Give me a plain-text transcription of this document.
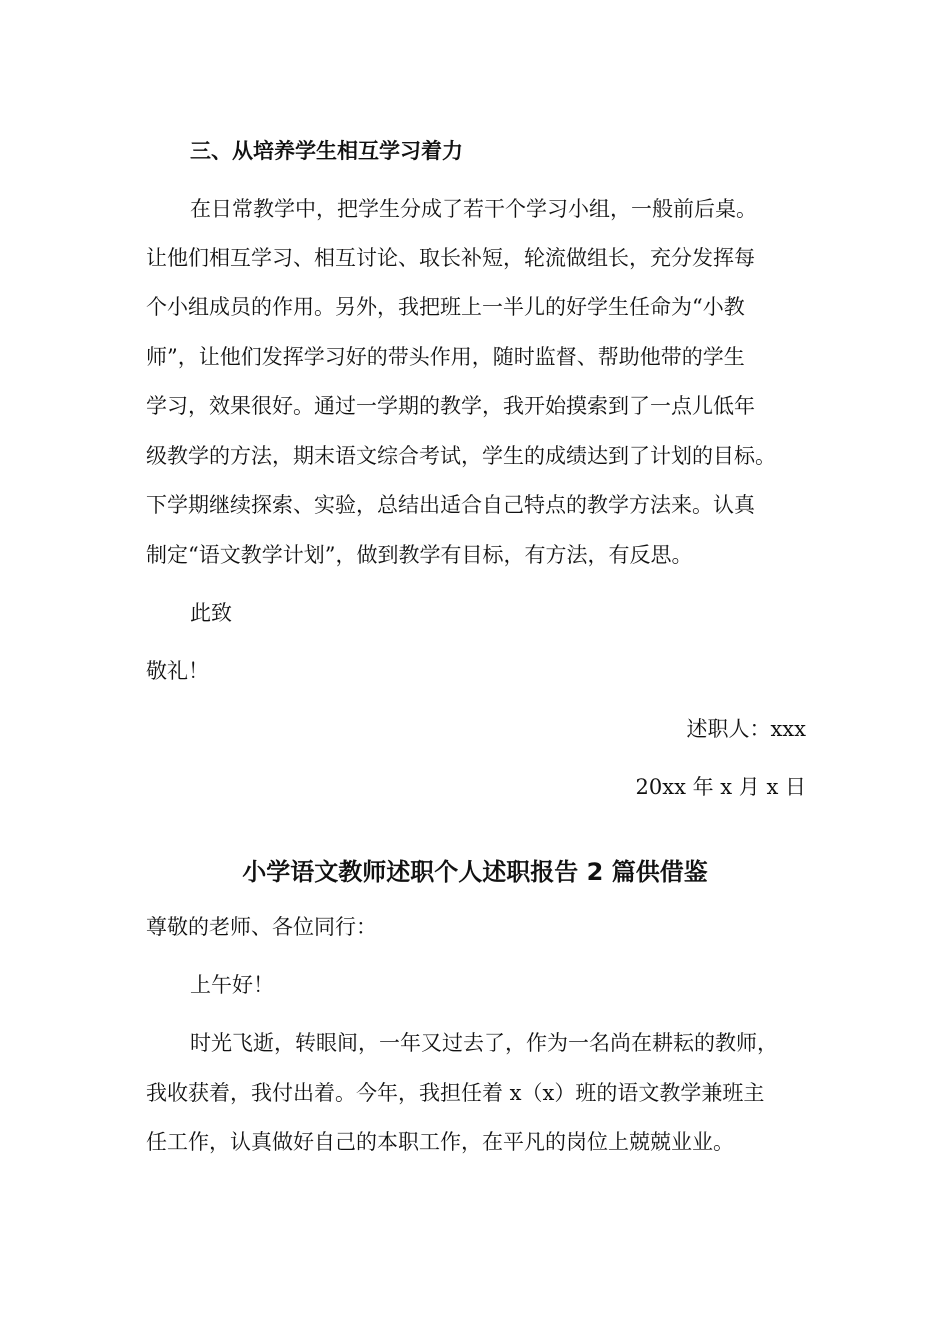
三、从培养学生相互学习着力

在日常教学中，把学生分成了若干个学习小组，一般前后桌。

让他们相互学习、相互讨论、取长补短，轮流做组长，充分发挥每

个小组成员的作用。另外，我把班上一半儿的好学生任命为“小教

师”，让他们发挥学习好的带头作用，随时监督、帮助他带的学生

学习，效果很好。通过一学期的教学，我开始摸索到了一点儿低年

级教学的方法，期末语文综合考试，学生的成绩达到了计划的目标。

下学期继续探索、实验，总结出适合自己特点的教学方法来。认真

制定“语文教学计划”，做到教学有目标，有方法，有反思。

此致

敬礼！

述职人：xxx

20xx 年 x 月 x 日

小学语文教师述职个人述职报告 2 篇供借鉴

尊敬的老师、各位同行：

上午好！

时光飞逝，转眼间，一年又过去了，作为一名尚在耕耘的教师，

我收获着，我付出着。今年，我担任着 x（x）班的语文教学兼班主

任工作，认真做好自己的本职工作，在平凡的岗位上兢兢业业。
